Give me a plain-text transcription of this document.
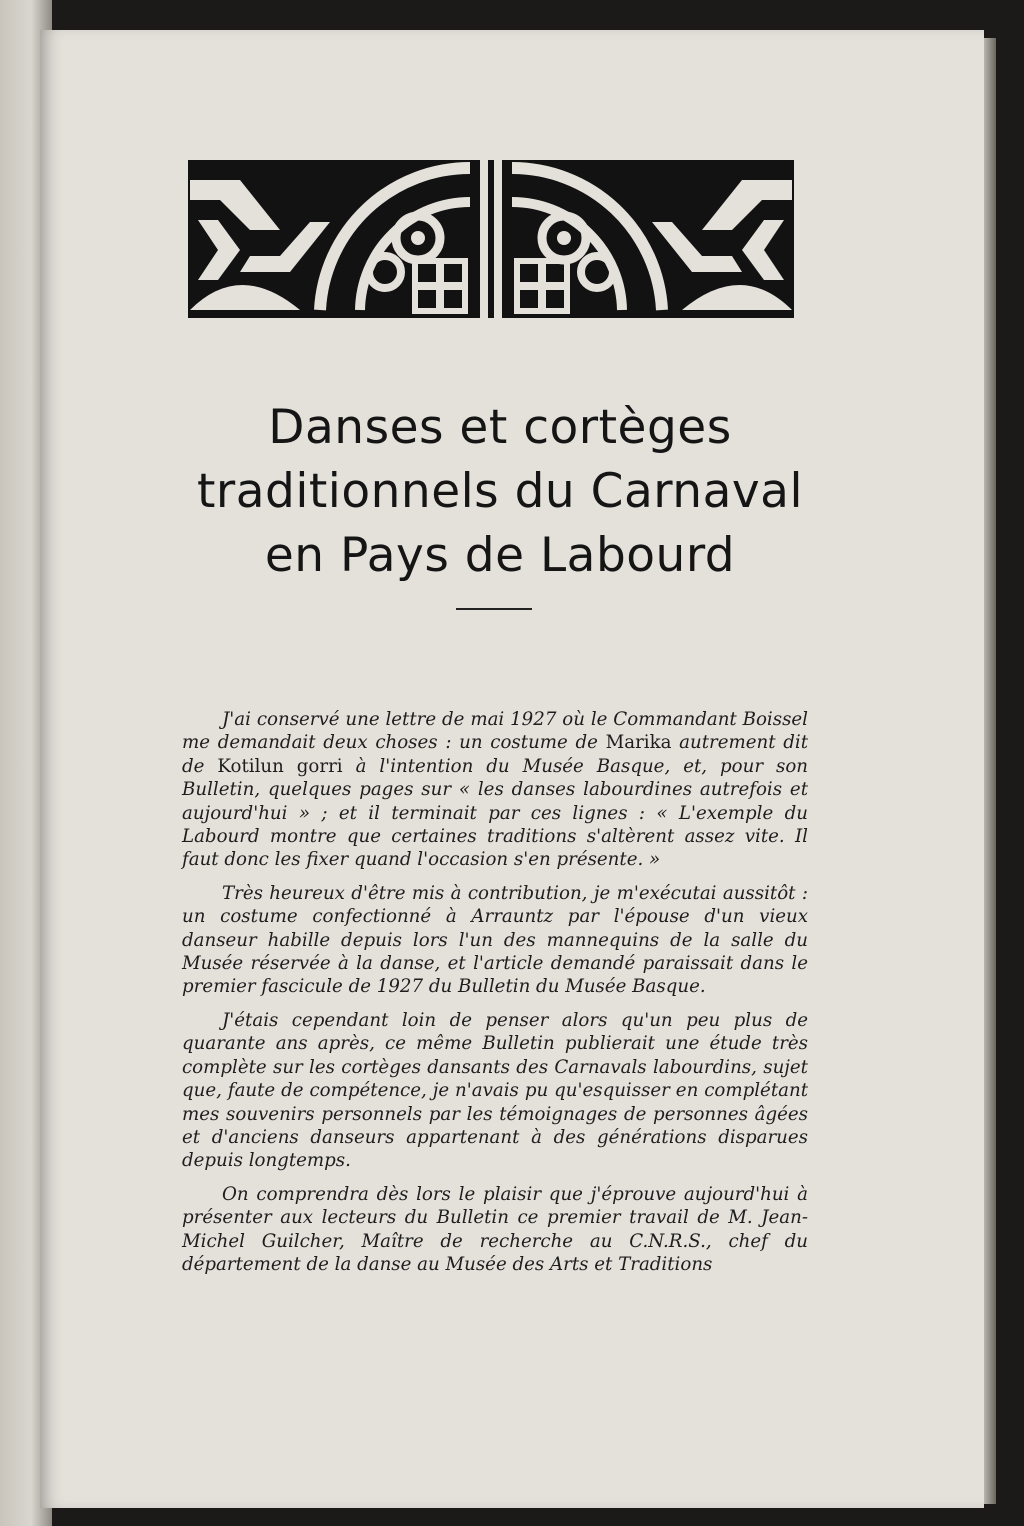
Danses et cortèges
traditionnels du Carnaval
en Pays de Labourd

J'ai conservé une lettre de mai 1927 où le Commandant Boissel me demandait deux choses : un costume de Marika autrement dit de Kotilun gorri à l'intention du Musée Basque, et, pour son Bulletin, quelques pages sur « les danses labourdines autrefois et aujourd'hui » ; et il terminait par ces lignes : « L'exemple du Labourd montre que certaines traditions s'altèrent assez vite. Il faut donc les fixer quand l'occasion s'en présente. »

Très heureux d'être mis à contribution, je m'exécutai aussitôt : un costume confectionné à Arrauntz par l'épouse d'un vieux danseur habille depuis lors l'un des mannequins de la salle du Musée réservée à la danse, et l'article demandé paraissait dans le premier fascicule de 1927 du Bulletin du Musée Basque.

J'étais cependant loin de penser alors qu'un peu plus de quarante ans après, ce même Bulletin publierait une étude très complète sur les cortèges dansants des Carnavals labourdins, sujet que, faute de compétence, je n'avais pu qu'esquisser en complétant mes souvenirs personnels par les témoignages de personnes âgées et d'anciens danseurs appartenant à des générations disparues depuis longtemps.

On comprendra dès lors le plaisir que j'éprouve aujourd'hui à présenter aux lecteurs du Bulletin ce premier travail de M. Jean-Michel Guilcher, Maître de recherche au C.N.R.S., chef du département de la danse au Musée des Arts et Traditions
